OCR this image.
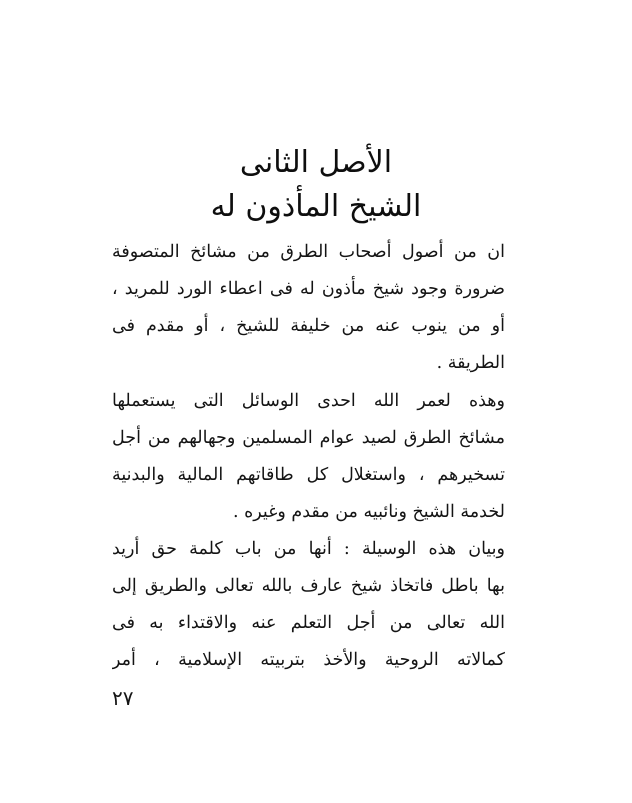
الأصل الثانى
الشيخ المأذون له
ان من أصول أصحاب الطرق من مشائخ المتصوفة
ضرورة وجود شيخ مأذون له فى اعطاء الورد للمريد ،
أو من ينوب عنه من خليفة للشيخ ، أو مقدم فى
الطريقة .
وهذه لعمر الله احدى الوسائل التى يستعملها
مشائخ الطرق لصيد عوام المسلمين وجهالهم من أجل
تسخيرهم ، واستغلال كل طاقاتهم المالية والبدنية
لخدمة الشيخ ونائبيه من مقدم وغيره .
وبيان هذه الوسيلة : أنها من باب كلمة حق أريد
بها باطل فاتخاذ شيخ عارف بالله تعالى والطريق إلى
الله تعالى من أجل التعلم عنه والاقتداء به فى
كمالاته الروحية والأخذ بتربيته الإسلامية ، أمر
٢٧
